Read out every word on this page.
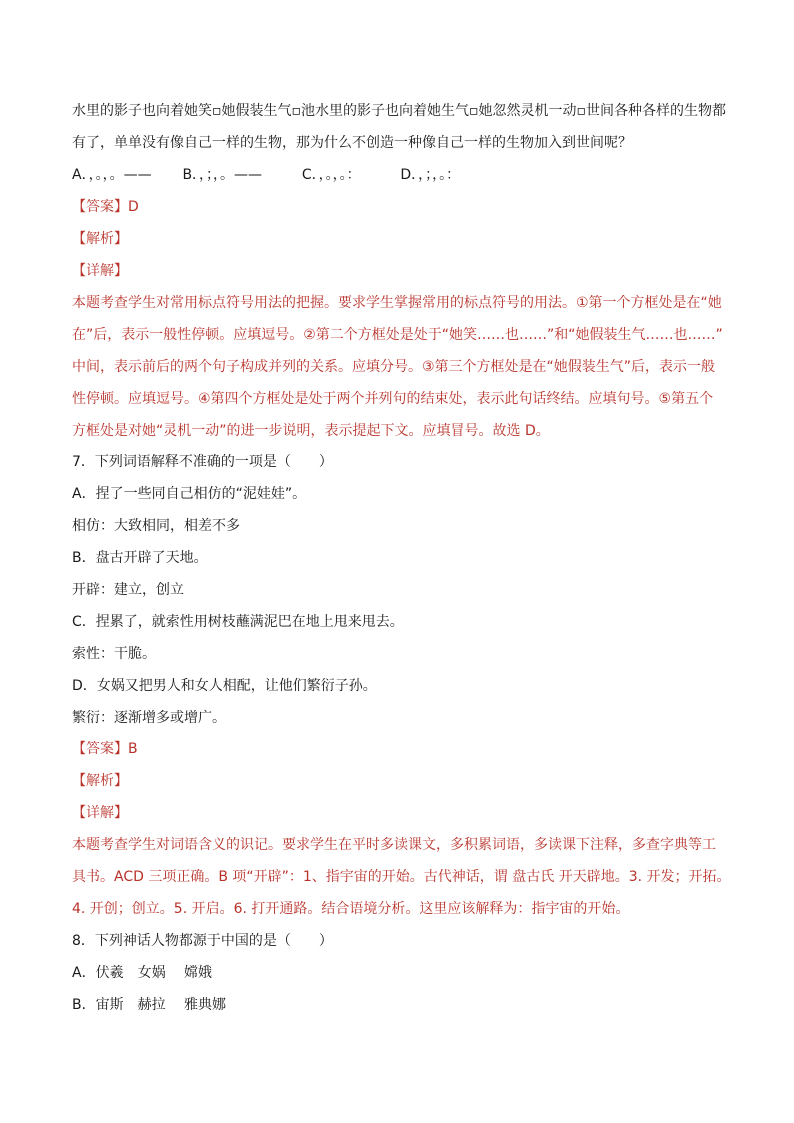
水里的影子也向着她笑▫她假装生气▫池水里的影子也向着她生气▫她忽然灵机一动▫世间各种各样的生物都
有了，单单没有像自己一样的生物，那为什么不创造一种像自己一样的生物加入到世间呢？
A．，。，。—— B．，；，。——	C．，。，。：	D．，；，。：
【答案】D
【解析】
【详解】
本题考查学生对常用标点符号用法的把握。要求学生掌握常用的标点符号的用法。①第一个方框处是在“她
在”后，表示一般性停顿。应填逗号。②第二个方框处是处于“她笑……也……”和“她假装生气……也……”
中间，表示前后的两个句子构成并列的关系。应填分号。③第三个方框处是在“她假装生气”后，表示一般
性停顿。应填逗号。④第四个方框处是处于两个并列句的结束处，表示此句话终结。应填句号。⑤第五个
方框处是对她“灵机一动”的进一步说明，表示提起下文。应填冒号。故选 D。
7．下列词语解释不准确的一项是（　　）
A．捏了一些同自己相仿的“泥娃娃”。
相仿：大致相同，相差不多
B．盘古开辟了天地。
开辟：建立，创立
C．捏累了，就索性用树枝蘸满泥巴在地上甩来甩去。
索性：干脆。
D．女娲又把男人和女人相配，让他们繁衍子孙。
繁衍：逐渐增多或增广。
【答案】B
【解析】
【详解】
本题考查学生对词语含义的识记。要求学生在平时多读课文，多积累词语，多读课下注释，多查字典等工
具书。ACD 三项正确。B 项“开辟”：1、指宇宙的开始。古代神话，谓 盘古氏 开天辟地。3. 开发；开拓。
4. 开创；创立。5. 开启。6. 打开通路。结合语境分析。这里应该解释为：指宇宙的开始。
8．下列神话人物都源于中国的是（　　）
A．伏羲　女娲　 嫦娥
B．宙斯　赫拉　 雅典娜
